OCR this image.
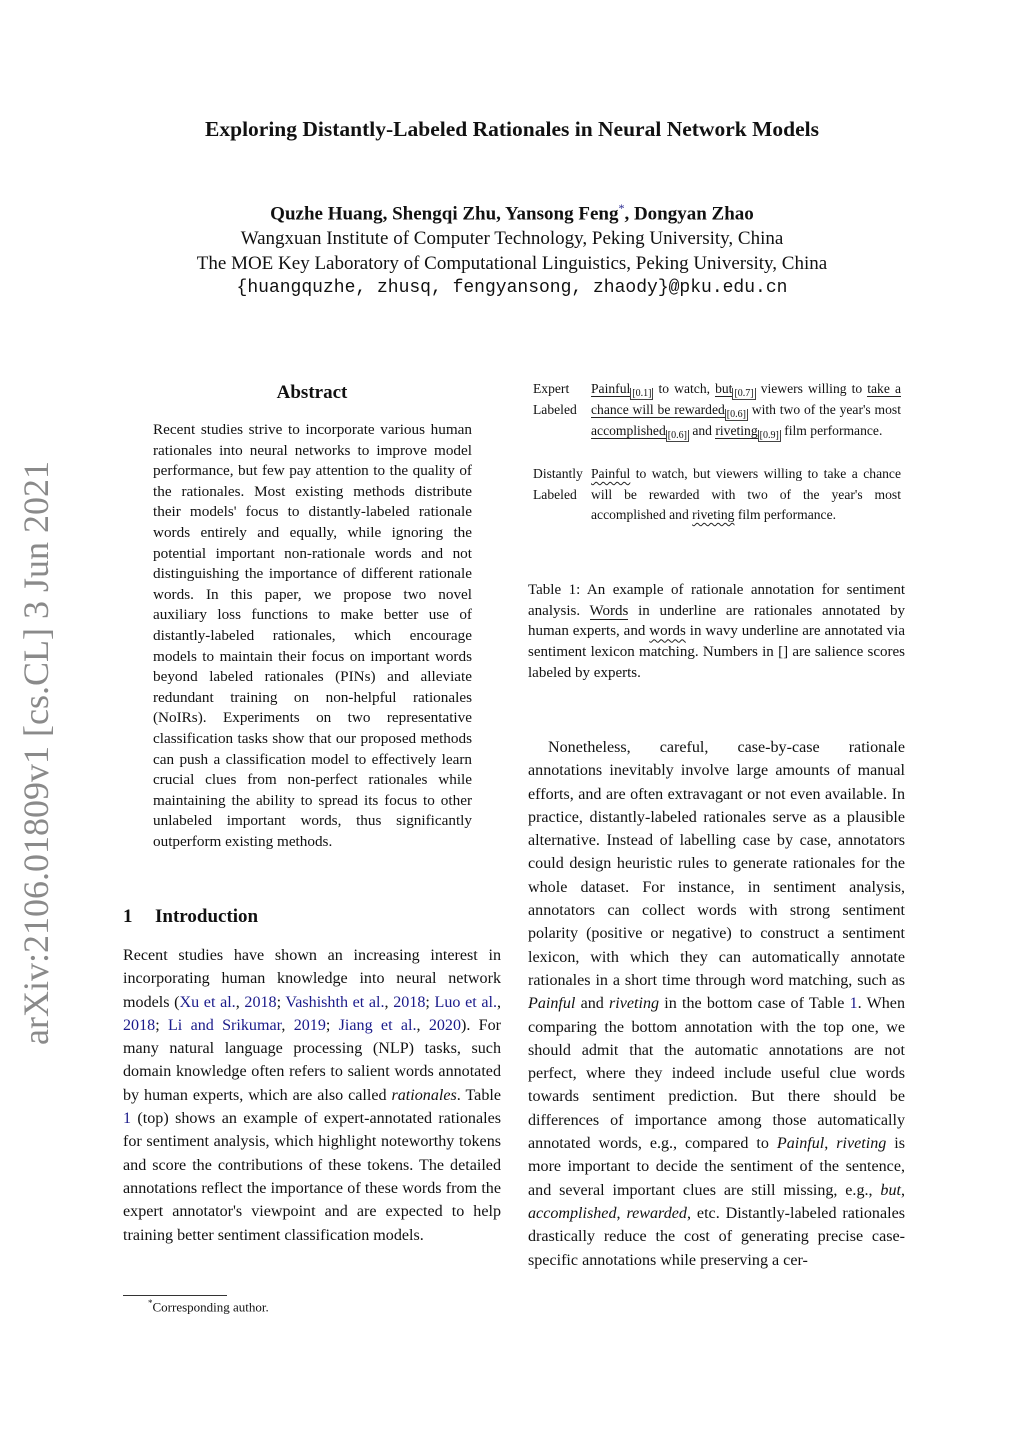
arXiv:2106.01809v1 [cs.CL] 3 Jun 2021
Exploring Distantly-Labeled Rationales in Neural Network Models
Quzhe Huang, Shengqi Zhu, Yansong Feng*, Dongyan Zhao
Wangxuan Institute of Computer Technology, Peking University, China
The MOE Key Laboratory of Computational Linguistics, Peking University, China
{huangquzhe, zhusq, fengyansong, zhaody}@pku.edu.cn
Abstract
Recent studies strive to incorporate various human rationales into neural networks to improve model performance, but few pay attention to the quality of the rationales. Most existing methods distribute their models' focus to distantly-labeled rationale words entirely and equally, while ignoring the potential important non-rationale words and not distinguishing the importance of different rationale words. In this paper, we propose two novel auxiliary loss functions to make better use of distantly-labeled rationales, which encourage models to maintain their focus on important words beyond labeled rationales (PINs) and alleviate redundant training on non-helpful rationales (NoIRs). Experiments on two representative classification tasks show that our proposed methods can push a classification model to effectively learn crucial clues from non-perfect rationales while maintaining the ability to spread its focus to other unlabeled important words, thus significantly outperform existing methods.
1 Introduction
Recent studies have shown an increasing interest in incorporating human knowledge into neural network models (Xu et al., 2018; Vashishth et al., 2018; Luo et al., 2018; Li and Srikumar, 2019; Jiang et al., 2020). For many natural language processing (NLP) tasks, such domain knowledge often refers to salient words annotated by human experts, which are also called rationales. Table 1 (top) shows an example of expert-annotated rationales for sentiment analysis, which highlight noteworthy tokens and score the contributions of these tokens. The detailed annotations reflect the importance of these words from the expert annotator's viewpoint and are expected to help training better sentiment classification models.
*Corresponding author.
Expert
Labeled
Painful [0.1] to watch, but [0.7] viewers willing to take a chance will be rewarded [0.6] with two of the year's most accomplished [0.6] and riveting [0.9] film performance.
Distantly
Labeled
Painful to watch, but viewers willing to take a chance will be rewarded with two of the year's most accomplished and riveting film performance.
Table 1: An example of rationale annotation for sentiment analysis. Words in underline are rationales annotated by human experts, and words in wavy underline are annotated via sentiment lexicon matching. Numbers in [] are salience scores labeled by experts.
Nonetheless, careful, case-by-case rationale annotations inevitably involve large amounts of manual efforts, and are often extravagant or not even available. In practice, distantly-labeled rationales serve as a plausible alternative. Instead of labelling case by case, annotators could design heuristic rules to generate rationales for the whole dataset. For instance, in sentiment analysis, annotators can collect words with strong sentiment polarity (positive or negative) to construct a sentiment lexicon, with which they can automatically annotate rationales in a short time through word matching, such as Painful and riveting in the bottom case of Table 1. When comparing the bottom annotation with the top one, we should admit that the automatic annotations are not perfect, where they indeed include useful clue words towards sentiment prediction. But there should be differences of importance among those automatically annotated words, e.g., compared to Painful, riveting is more important to decide the sentiment of the sentence, and several important clues are still missing, e.g., but, accomplished, rewarded, etc. Distantly-labeled rationales drastically reduce the cost of generating precise case-specific annotations while preserving a cer-
